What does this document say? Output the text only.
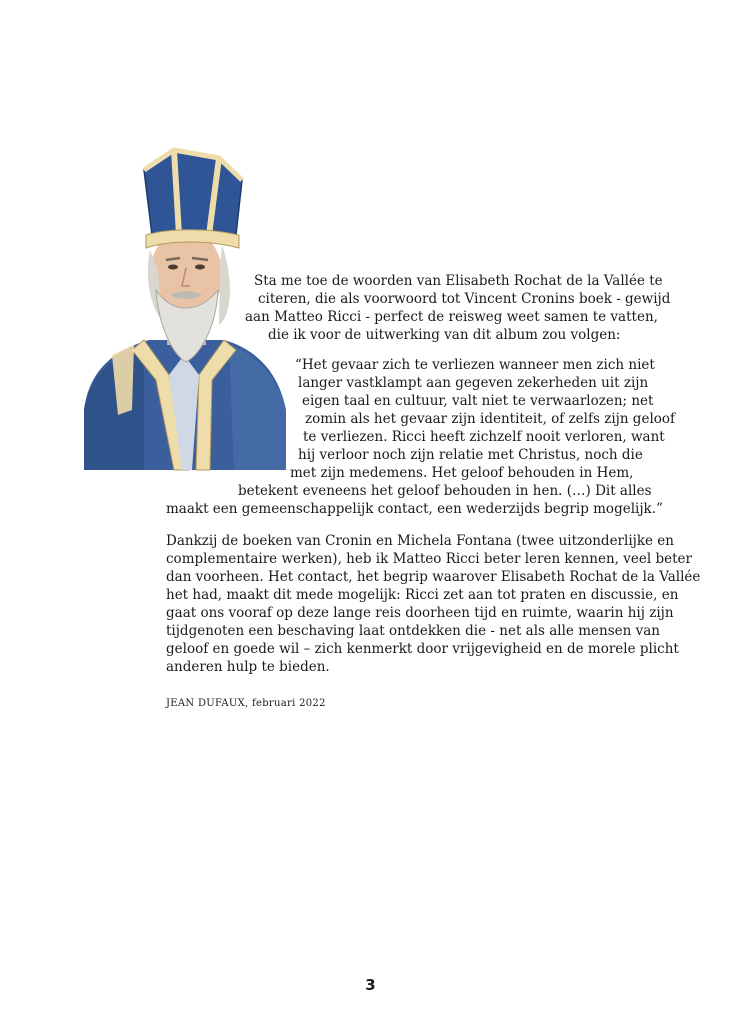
Sta me toe de woorden van Elisabeth Rochat de la Vallée te
citeren, die als voorwoord tot Vincent Cronins boek - gewijd
aan Matteo Ricci - perfect de reisweg weet samen te vatten,
die ik voor de uitwerking van dit album zou volgen:
“Het gevaar zich te verliezen wanneer men zich niet
langer vastklampt aan gegeven zekerheden uit zijn
eigen taal en cultuur, valt niet te verwaarlozen; net
zomin als het gevaar zijn identiteit, of zelfs zijn geloof
te verliezen. Ricci heeft zichzelf nooit verloren, want
hij verloor noch zijn relatie met Christus, noch die
met zijn medemens. Het geloof behouden in Hem,
betekent eveneens het geloof behouden in hen. (…) Dit alles
maakt een gemeenschappelijk contact, een wederzijds begrip mogelijk.”
Dankzij de boeken van Cronin en Michela Fontana (twee uitzonderlijke en
complementaire werken), heb ik Matteo Ricci beter leren kennen, veel beter
dan voorheen. Het contact, het begrip waarover Elisabeth Rochat de la Vallée
het had, maakt dit mede mogelijk: Ricci zet aan tot praten en discussie, en
gaat ons vooraf op deze lange reis doorheen tijd en ruimte, waarin hij zijn
tijdgenoten een beschaving laat ontdekken die - net als alle mensen van
geloof en goede wil – zich kenmerkt door vrijgevigheid en de morele plicht
anderen hulp te bieden.
JEAN DUFAUX, februari 2022
3
